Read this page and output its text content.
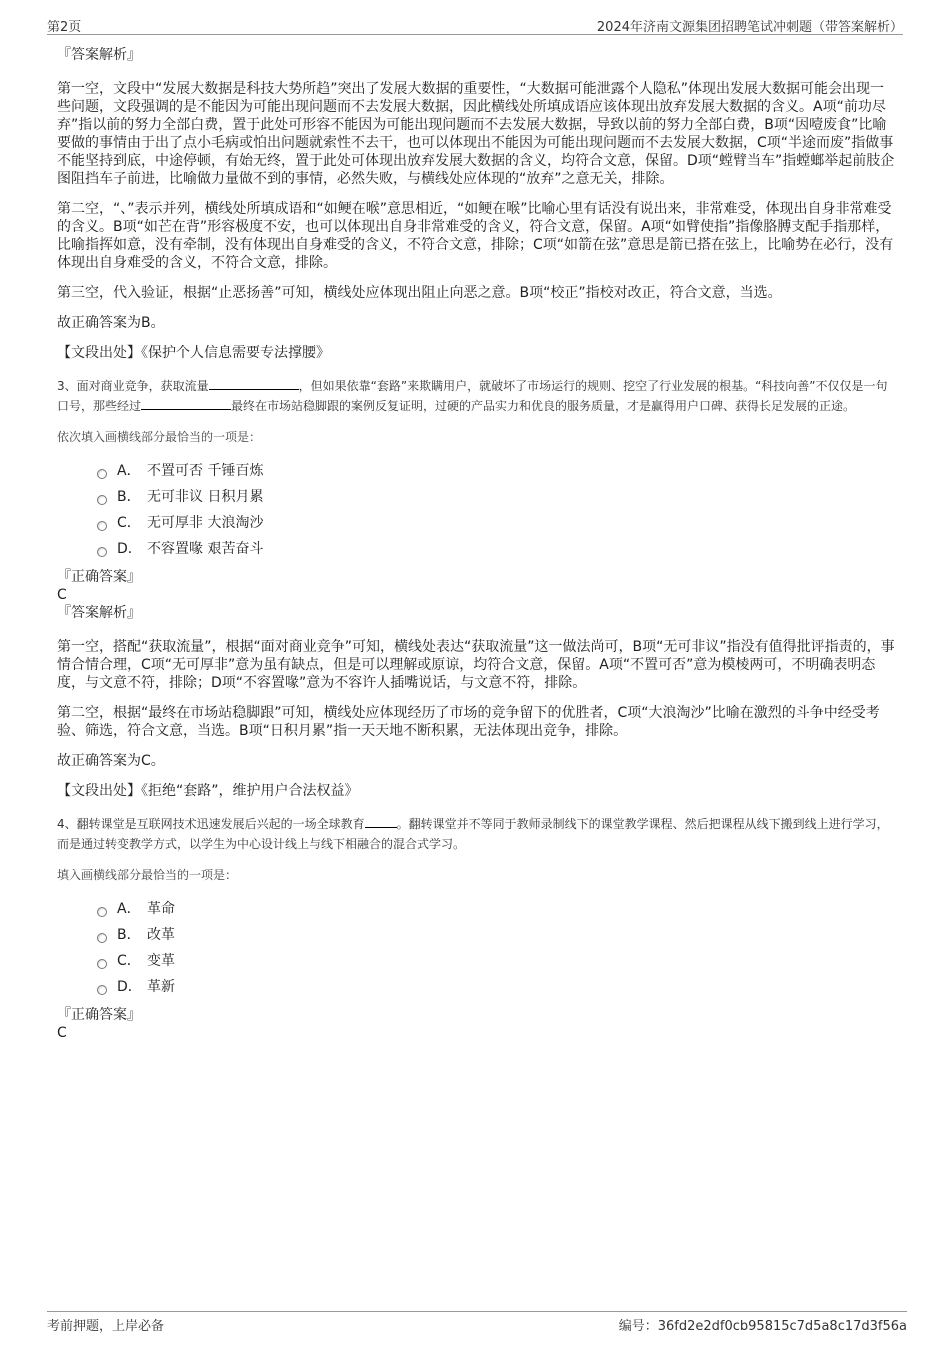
第2页	2024年济南文源集团招聘笔试冲刺题（带答案解析）

『答案解析』

第一空，文段中“发展大数据是科技大势所趋”突出了发展大数据的重要性，“大数据可能泄露个人隐私”体现出发展大数据可能会出现一些问题，文段强调的是不能因为可能出现问题而不去发展大数据，因此横线处所填成语应该体现出放弃发展大数据的含义。A项“前功尽弃”指以前的努力全部白费，置于此处可形容不能因为可能出现问题而不去发展大数据，导致以前的努力全部白费，B项“因噎废食”比喻要做的事情由于出了点小毛病或怕出问题就索性不去干，也可以体现出不能因为可能出现问题而不去发展大数据，C项“半途而废”指做事不能坚持到底，中途停顿，有始无终，置于此处可体现出放弃发展大数据的含义，均符合文意，保留。D项“螳臂当车”指螳螂举起前肢企图阻挡车子前进，比喻做力量做不到的事情，必然失败，与横线处应体现的“放弃”之意无关，排除。

第二空，“、”表示并列，横线处所填成语和“如鲠在喉”意思相近，“如鲠在喉”比喻心里有话没有说出来，非常难受，体现出自身非常难受的含义。B项“如芒在背”形容极度不安，也可以体现出自身非常难受的含义，符合文意，保留。A项“如臂使指”指像胳膊支配手指那样，比喻指挥如意，没有牵制，没有体现出自身难受的含义，不符合文意，排除；C项“如箭在弦”意思是箭已搭在弦上，比喻势在必行，没有体现出自身难受的含义，不符合文意，排除。

第三空，代入验证，根据“止恶扬善”可知，横线处应体现出阻止向恶之意。B项“校正”指校对改正，符合文意，当选。

故正确答案为B。

【文段出处】《保护个人信息需要专法撑腰》

3、面对商业竞争，获取流量	，但如果依靠“套路”来欺瞒用户，就破坏了市场运行的规则、挖空了行业发展的根基。“科技向善”不仅仅是一句口号，那些经过	最终在市场站稳脚跟的案例反复证明，过硬的产品实力和优良的服务质量，才是赢得用户口碑、获得长足发展的正途。

依次填入画横线部分最恰当的一项是：

A． 不置可否 千锤百炼
B． 无可非议 日积月累
C． 无可厚非 大浪淘沙
D． 不容置喙 艰苦奋斗

『正确答案』

C

『答案解析』

第一空，搭配“获取流量”，根据“面对商业竞争”可知，横线处表达“获取流量”这一做法尚可，B项“无可非议”指没有值得批评指责的，事情合情合理，C项“无可厚非”意为虽有缺点，但是可以理解或原谅，均符合文意，保留。A项“不置可否”意为模棱两可，不明确表明态度，与文意不符，排除；D项“不容置喙”意为不容许人插嘴说话，与文意不符，排除。

第二空，根据“最终在市场站稳脚跟”可知，横线处应体现经历了市场的竞争留下的优胜者，C项“大浪淘沙”比喻在激烈的斗争中经受考验、筛选，符合文意，当选。B项“日积月累”指一天天地不断积累，无法体现出竞争，排除。

故正确答案为C。

【文段出处】《拒绝“套路”，维护用户合法权益》

4、翻转课堂是互联网技术迅速发展后兴起的一场全球教育	。翻转课堂并不等同于教师录制线下的课堂教学课程、然后把课程从线下搬到线上进行学习，而是通过转变教学方式，以学生为中心设计线上与线下相融合的混合式学习。

填入画横线部分最恰当的一项是：

A． 革命
B． 改革
C． 变革
D． 革新

『正确答案』

C

考前押题，上岸必备	编号：36fd2e2df0cb95815c7d5a8c17d3f56a
